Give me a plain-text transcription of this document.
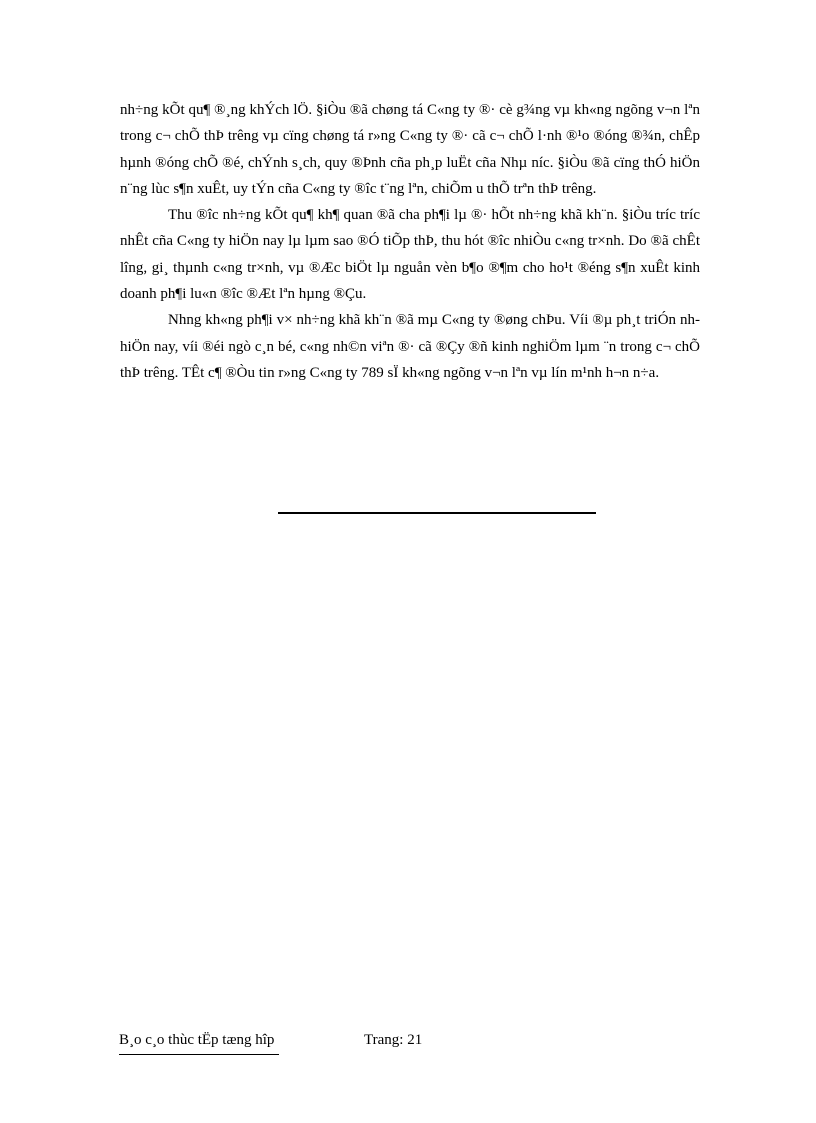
nh÷ng kÕt qu¶ ®¸ng khÝch lÖ. §iÒu ®ã chøng tá C«ng ty ®· cè g¾ng vµ kh«ng ngõng v¬n lªn trong c¬ chÕ thÞ trêng vµ cïng chøng tá r»ng C«ng ty ®· cã c¬ chÕ l·nh ®¹o ®óng ®¾n, chÊp hµnh ®óng chÕ ®é, chÝnh s¸ch, quy ®Þnh cña ph¸p luËt cña Nhµ níc. §iÒu ®ã cïng thÓ hiÖn n¨ng lùc s¶n xuÊt, uy tÝn cña C«ng ty ®îc t¨ng lªn, chiÕm u thÕ trªn thÞ trêng.

Thu ®îc nh÷ng kÕt qu¶ kh¶ quan ®ã cha ph¶i lµ ®· hÕt nh÷ng khã kh¨n. §iÒu tríc tríc nhÊt cña C«ng ty hiÖn nay lµ lµm sao ®Ó tiÕp thÞ, thu hót ®îc nhiÒu c«ng tr×nh. Do ®ã chÊt lîng, gi¸ thµnh c«ng tr×nh, vµ ®Æc biÖt lµ nguån vèn b¶o ®¶m cho ho¹t ®éng s¶n xuÊt kinh doanh ph¶i lu«n ®îc ®Æt lªn hµng ®Çu.

Nhng kh«ng ph¶i v× nh÷ng khã kh¨n ®ã mµ C«ng ty ®øng chÞu. Víi ®µ ph¸t triÓn nh hiÖn nay, víi ®éi ngò c¸n bé, c«ng nh©n viªn ®· cã ®Çy ®ñ kinh nghiÖm lµm ¨n trong c¬ chÕ thÞ trêng. TÊt c¶ ®Òu tin r»ng C«ng ty 789 sÏ kh«ng ngõng v¬n lªn vµ lín m¹nh h¬n n÷a.

B¸o c¸o thùc tËp tæng hîp	Trang: 21
